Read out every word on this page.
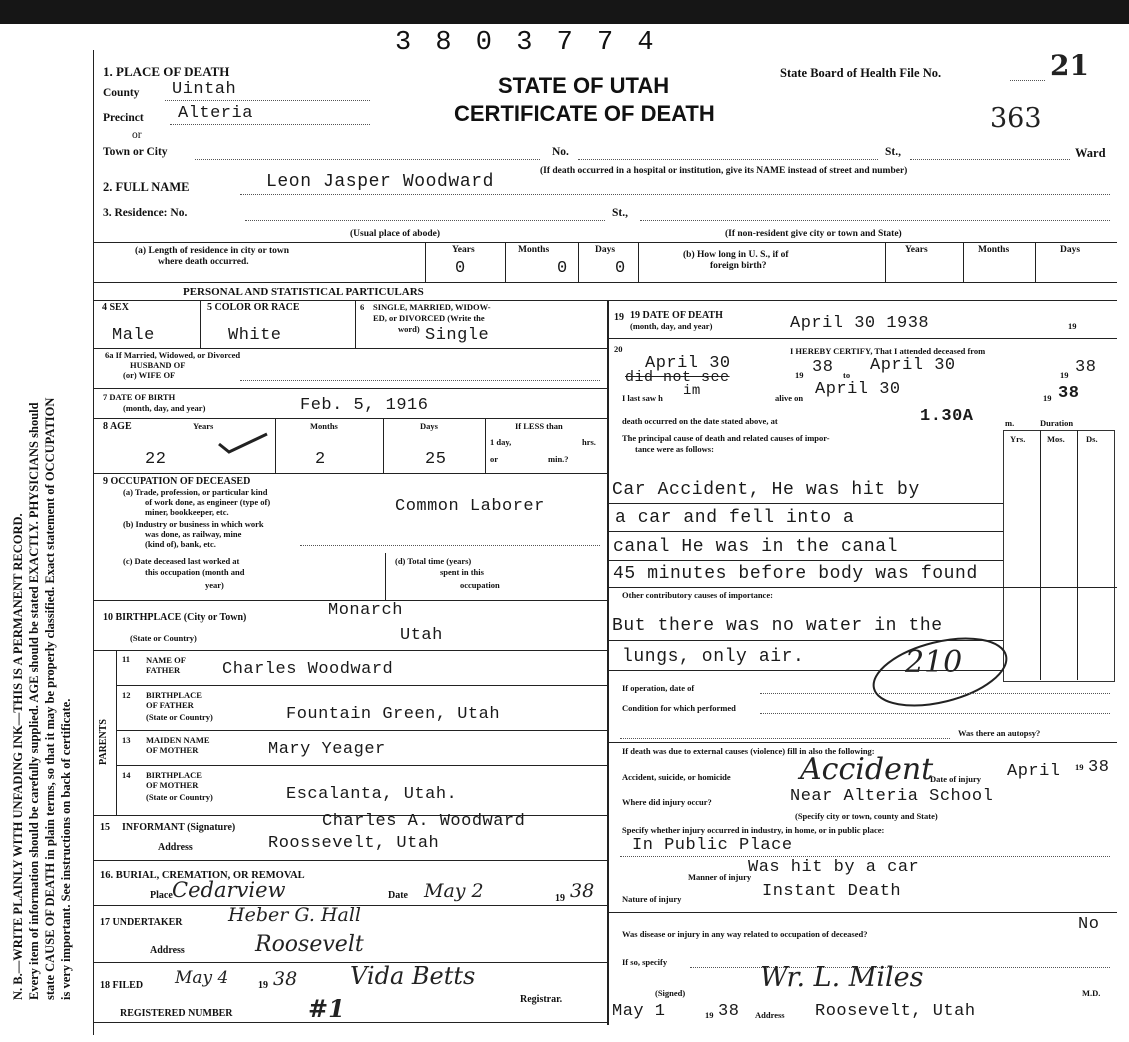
N. B.—WRITE PLAINLY WITH UNFADING INK—THIS IS A PERMANENT RECORD. Every item of information should be carefully supplied. AGE should be stated EXACTLY. PHYSICIANS should state CAUSE OF DEATH in plain terms, so that it may be properly classified. Exact statement of OCCUPATION is very important. See instructions on back of certificate.
3 8 0 3 7 7 4
STATE OF UTAH
CERTIFICATE OF DEATH
State Board of Health File No.	21
363
1. PLACE OF DEATH
County Uintah
Precinct Alteria
or
Town or City	No.	St.,	Ward
(If death occurred in a hospital or institution, give its NAME instead of street and number)
2. FULL NAME	Leon Jasper Woodward
3. Residence: No.	St.,
(Usual place of abode)	(If non-resident give city or town and State)
(a) Length of residence in city or town
where death occurred.
Years	Months	Days
0	0	0
(b) How long in U. S., if of
foreign birth?
Years	Months	Days
PERSONAL AND STATISTICAL PARTICULARS
4 SEX	5 COLOR OR RACE	6 SINGLE, MARRIED, WIDOW-
ED, or DIVORCED (Write the
word)
Male	White	Single
6a If Married, Widowed, or Divorced
HUSBAND OF
(or) WIFE OF
7 DATE OF BIRTH
(month, day, and year)	Feb. 5, 1916
8 AGE	Years	Months	Days	If LESS than
1 day,	hrs.
or	min.?
22	2	25
9 OCCUPATION OF DECEASED
(a) Trade, profession, or particular kind
of work done, as engineer (type of)
miner, bookkeeper, etc.	Common Laborer
(b) Industry or business in which work
was done, as railway, mine
(kind of), bank, etc.
(c) Date deceased last worked at
this occupation (month and
year)
(d) Total time (years)
spent in this
occupation
10 BIRTHPLACE (City or Town)	Monarch
(State or Country)	Utah
PARENTS
11 NAME OF
FATHER Charles Woodward
12 BIRTHPLACE
OF FATHER
(State or Country)	Fountain Green, Utah
13 MAIDEN NAME
OF MOTHER	Mary Yeager
14 BIRTHPLACE
OF MOTHER
(State or Country)	Escalanta, Utah.
15 INFORMANT (Signature)	Charles A. Woodward
Address	Roossevelt, Utah
16. BURIAL, CREMATION, OR REMOVAL
Place Cedarview	Date May 2	19 38
17 UNDERTAKER Heber G. Hall
Address	Roosevelt
18 FILED May 4	19 38 Vida Betts
Registrar.
REGISTERED NUMBER	#1
19 19 DATE OF DEATH
(month, day, and year)	April 30 1938	19
20	I HEREBY CERTIFY, That I attended deceased from
April 30
did not see	19 38 to April 30	19 38
I last saw h im	alive on April 30	19 38
death occurred on the date stated above, at	1.30A	m.	Duration
The principal cause of death and related causes of impor-
tance were as follows:
Yrs.	Mos.	Ds.
Car Accident, He was hit by
a car and fell into a
canal He was in the canal
45 minutes before body was found
Other contributory causes of importance:
But there was no water in the
lungs, only air.	210
If operation, date of
Condition for which performed
Was there an autopsy?
If death was due to external causes (violence) fill in also the following:
Accident, suicide, or homicide Accident
Date of injury April 19 38
Where did injury occur?	Near Alteria School
(Specify city or town, county and State)
Specify whether injury occurred in industry, in home, or in public place:
In Public Place
Manner of injury
Was hit by a car
Nature of injury	Instant Death
Was disease or injury in any way related to occupation of deceased?	No
If so, specify
(Signed)	Wr. L. Miles	M.D.
May 1	19 38 Address Roosevelt, Utah
